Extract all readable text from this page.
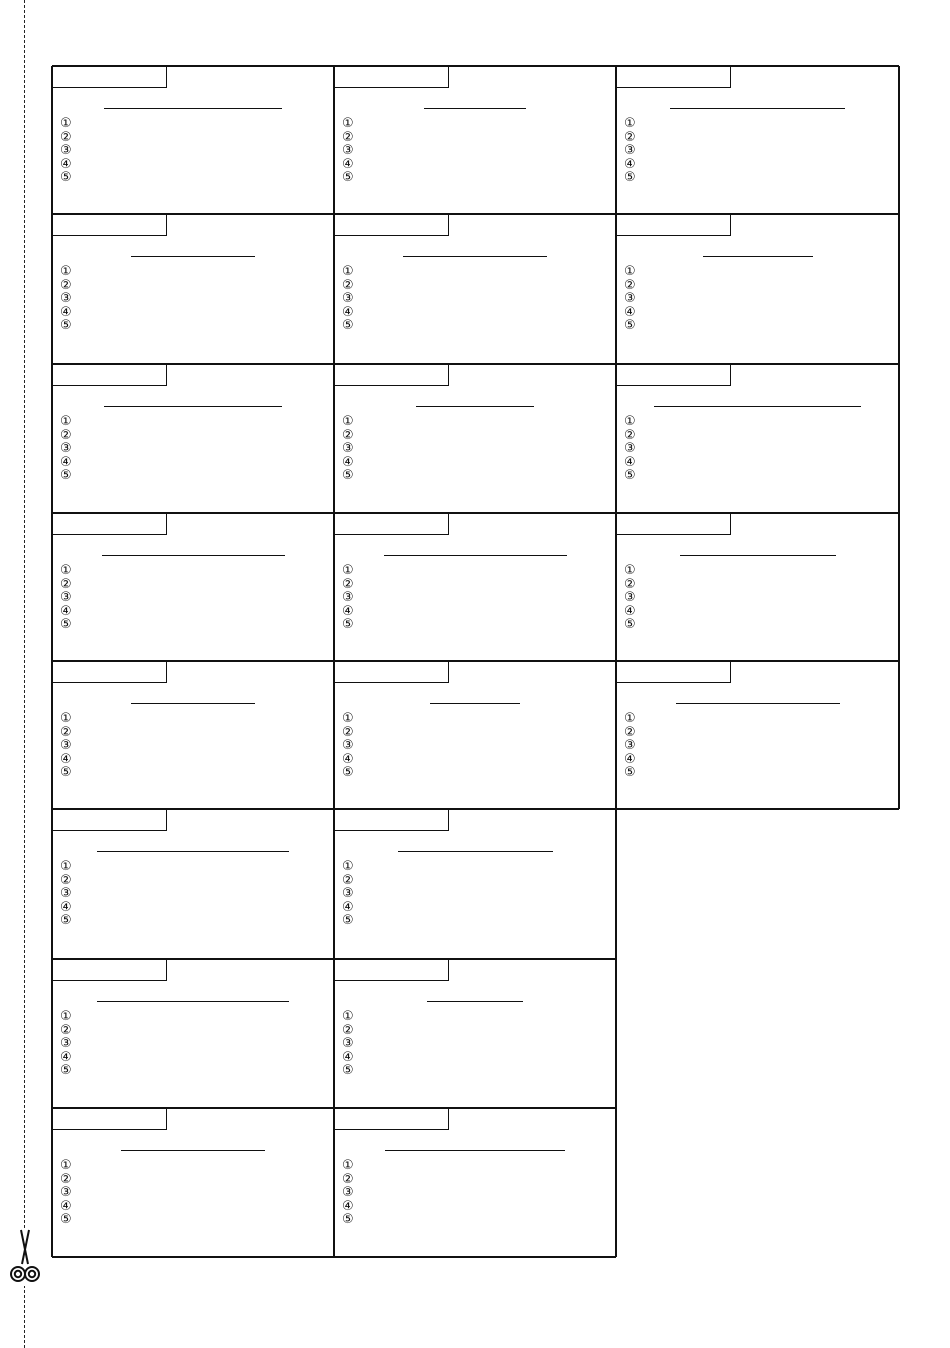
①
②
③
④
⑤
①
②
③
④
⑤
①
②
③
④
⑤
①
②
③
④
⑤
①
②
③
④
⑤
①
②
③
④
⑤
①
②
③
④
⑤
①
②
③
④
⑤
①
②
③
④
⑤
①
②
③
④
⑤
①
②
③
④
⑤
①
②
③
④
⑤
①
②
③
④
⑤
①
②
③
④
⑤
①
②
③
④
⑤
①
②
③
④
⑤
①
②
③
④
⑤
①
②
③
④
⑤
①
②
③
④
⑤
①
②
③
④
⑤
①
②
③
④
⑤
